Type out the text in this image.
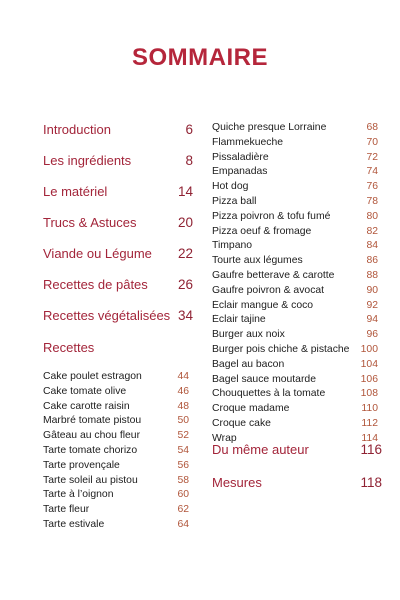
SOMMAIRE
Introduction	6
Les ingrédients	8
Le matériel	14
Trucs & Astuces	20
Viande ou Légume 22
Recettes de pâtes 26
Recettes végétalisées 34
Recettes
Cake poulet estragon	44
Cake tomate olive	46
Cake carotte raisin	48
Marbré tomate pistou	50
Gâteau au chou fleur	52
Tarte tomate chorizo	54
Tarte provençale	56
Tarte soleil au pistou	58
Tarte à l’oignon	60
Tarte fleur	62
Tarte estivale	64
Quiche presque Lorraine	68
Flammekueche	70
Pissaladière	72
Empanadas	74
Hot dog	76
Pizza ball	78
Pizza poivron & tofu fumé	80
Pizza oeuf & fromage	82
Timpano	84
Tourte aux légumes	86
Gaufre betterave & carotte	88
Gaufre poivron & avocat	90
Éclair mangue & coco	92
Éclair tajine	94
Burger aux noix	96
Burger pois chiche & pistache 100
Bagel au bacon	104
Bagel sauce moutarde	106
Chouquettes à la tomate	108
Croque madame	110
Croque cake	112
Wrap	114
Du même auteur	116
Mesures	118
